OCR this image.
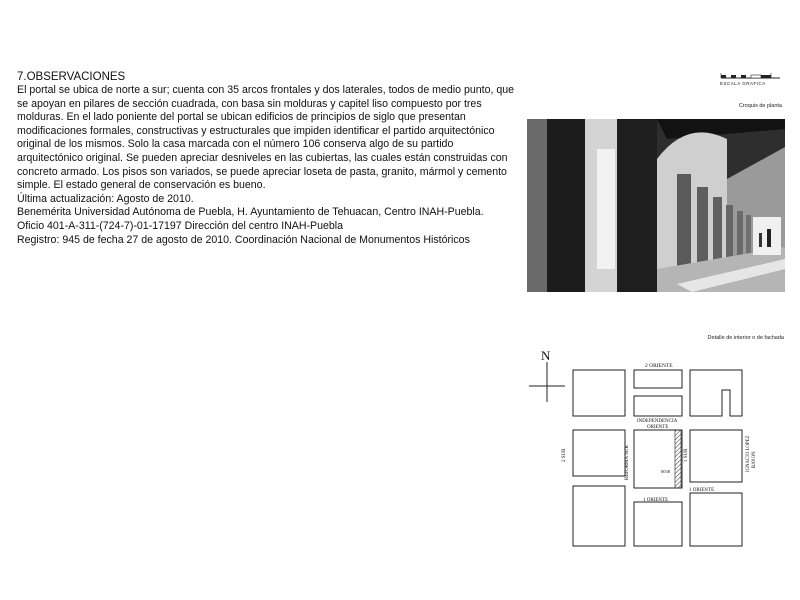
7.OBSERVACIONES

El portal se ubica de norte a sur; cuenta con 35 arcos frontales y dos laterales, todos de medio punto, que se apoyan en pilares de sección cuadrada, con basa sin molduras y capitel liso compuesto por tres molduras. En el lado poniente del portal se ubican edificios de principios de siglo que presentan modificaciones formales, constructivas y estructurales que impiden identificar el partido arquitectónico original de los mismos. Solo la casa marcada con el número 106 conserva algo de su partido arquitectónico original. Se pueden apreciar desniveles en las cubiertas, las cuales están construidas con concreto armado. Los pisos son variados, se puede apreciar loseta de pasta, granito, mármol y cemento simple. El estado general de conservación es bueno.

Última actualización: Agosto de 2010.

Benemérita Universidad Autónoma de Puebla, H. Ayuntamiento de Tehuacan, Centro INAH-Puebla.

Oficio 401-A-311-(724-7)-01-17197 Dirección del centro INAH-Puebla

Registro: 945 de fecha 27 de agosto de 2010. Coordinación Nacional de Monumentos Históricos

ESCALA GRAFICA
Croquis de planta
Detalle de interior o de fachada
N
2 ORIENTE
INDEPENDENCIA
ORIENTE
2 SUR	REFORMA SUR	1 SUR	IGNACIO LOPEZ RAYON
1 ORIENTE
1 ORIENTE
0038
